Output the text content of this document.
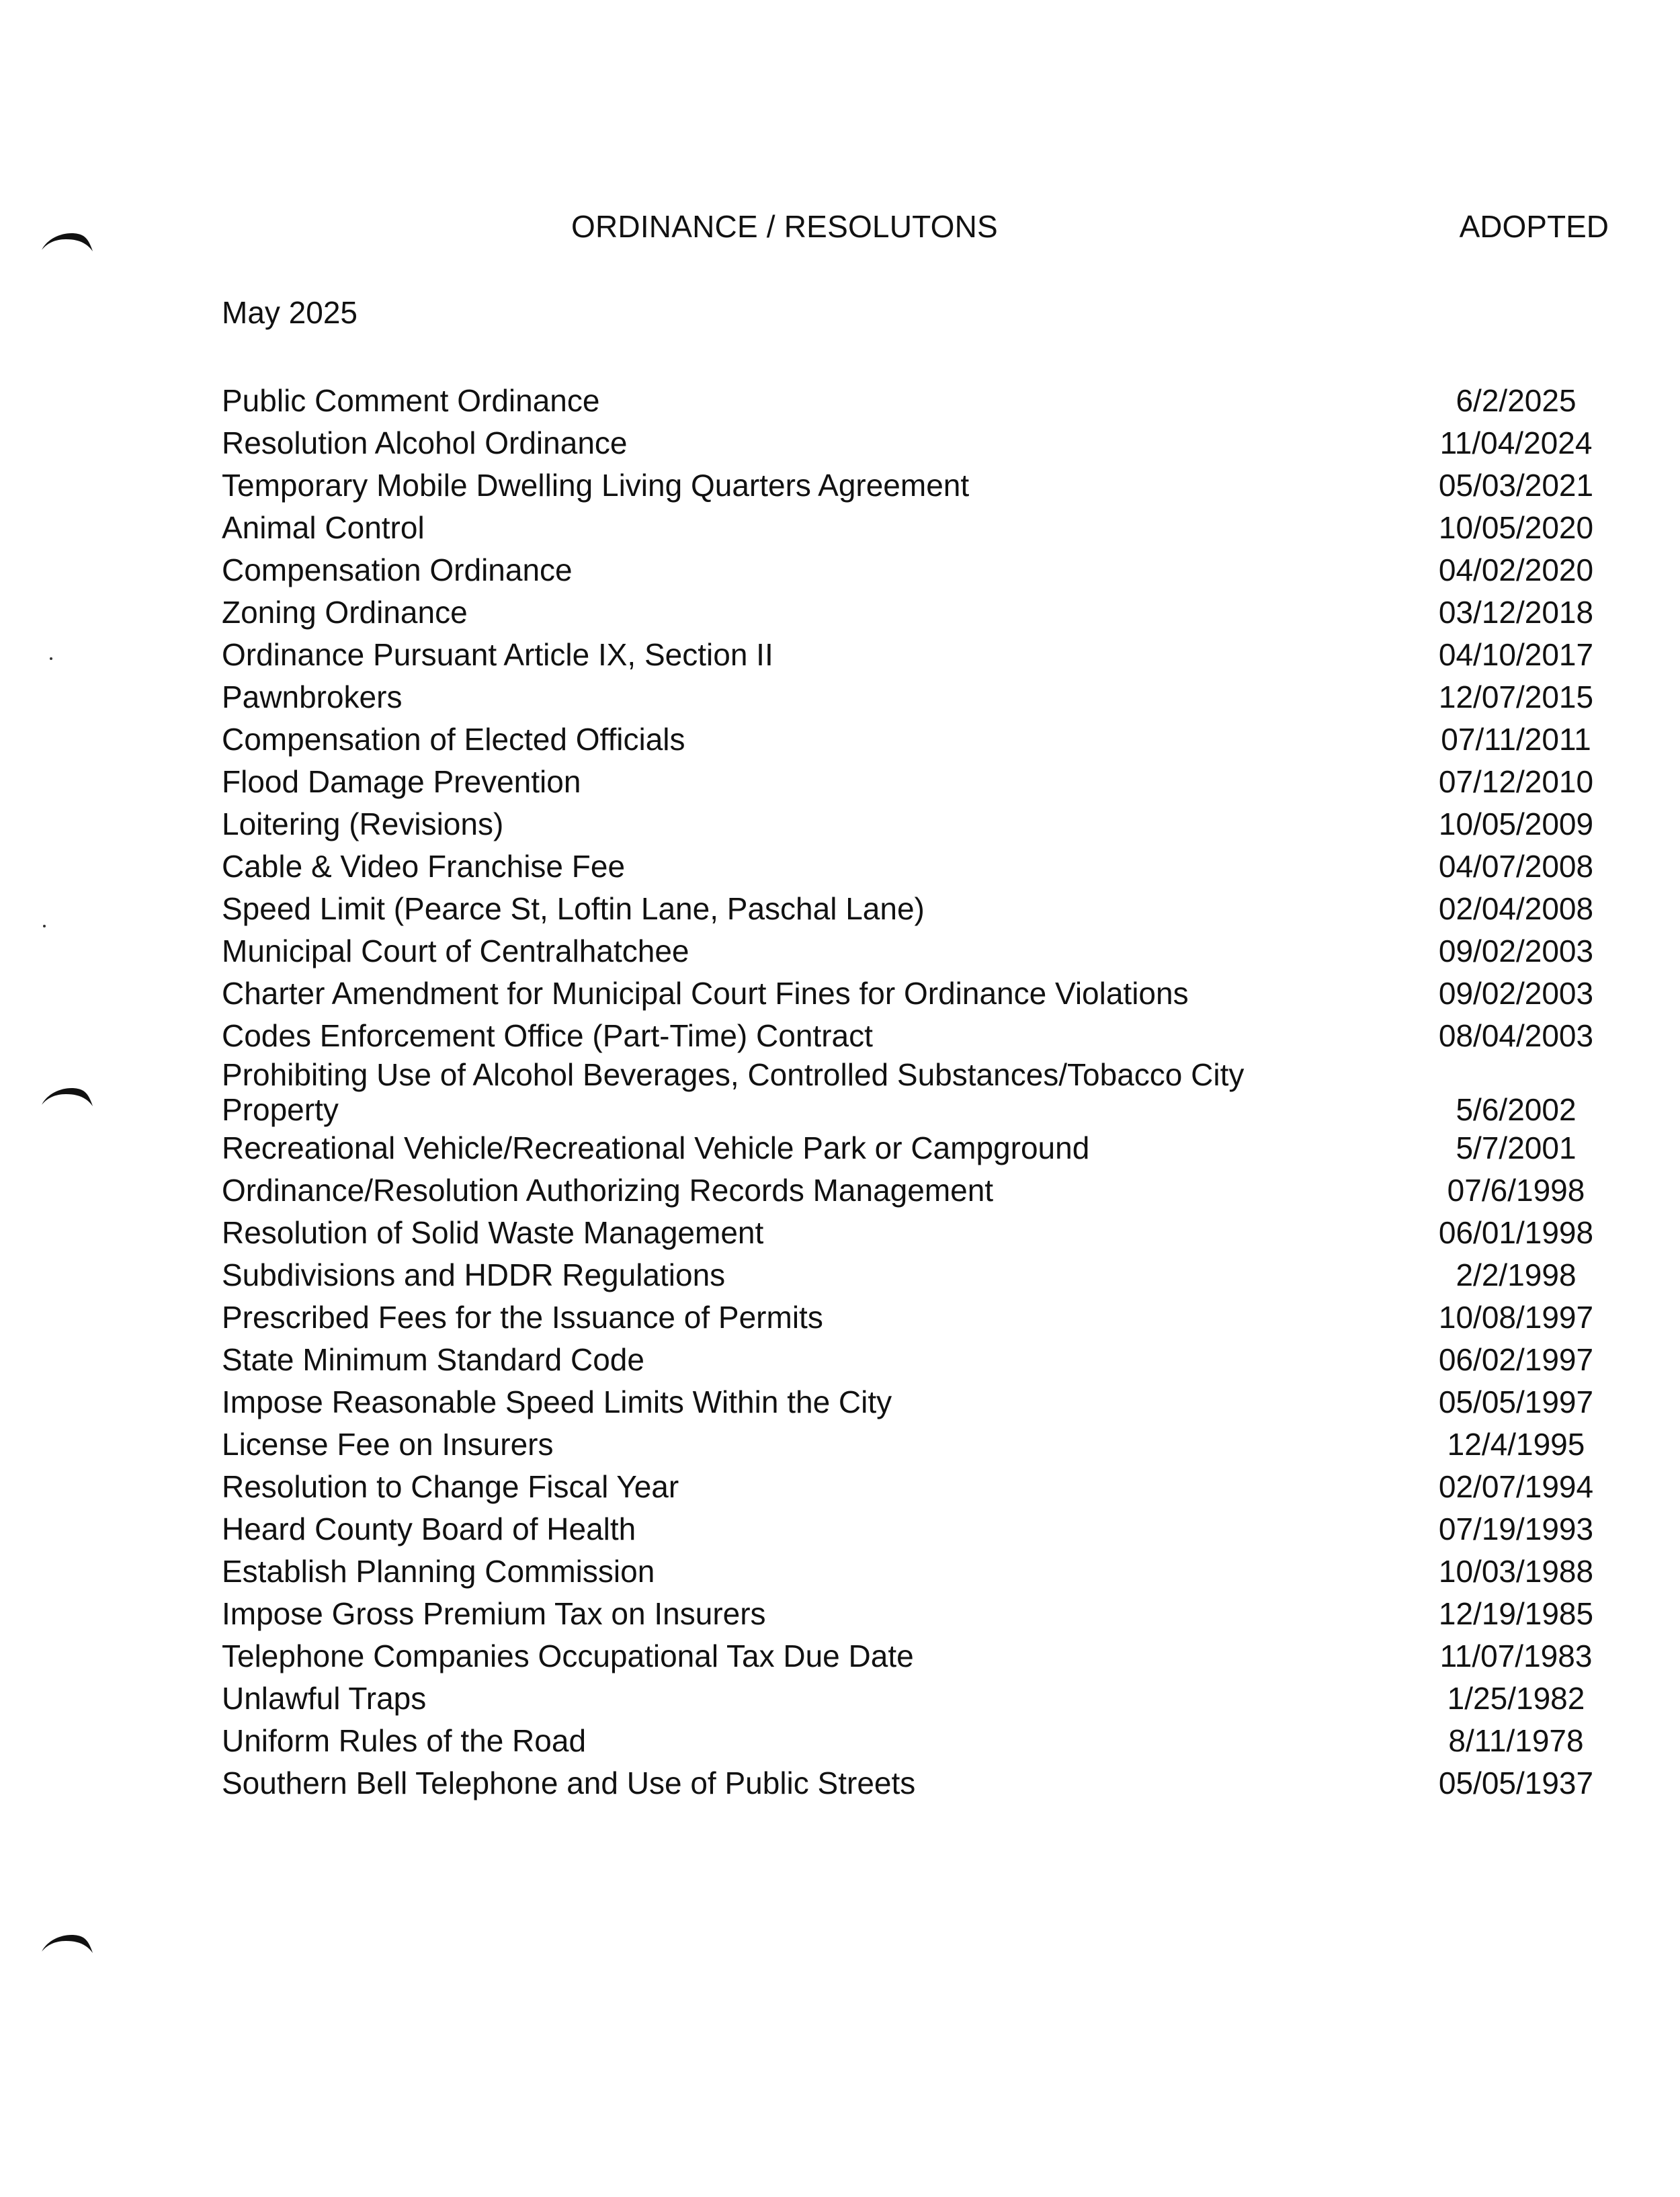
ORDINANCE / RESOLUTONS	ADOPTED
May 2025
Public Comment Ordinance	6/2/2025
Resolution Alcohol Ordinance	11/04/2024
Temporary Mobile Dwelling Living Quarters Agreement	05/03/2021
Animal Control	10/05/2020
Compensation Ordinance	04/02/2020
Zoning Ordinance	03/12/2018
Ordinance Pursuant Article IX, Section II	04/10/2017
Pawnbrokers	12/07/2015
Compensation of Elected Officials	07/11/2011
Flood Damage Prevention	07/12/2010
Loitering (Revisions)	10/05/2009
Cable & Video Franchise Fee	04/07/2008
Speed Limit (Pearce St, Loftin Lane, Paschal Lane)	02/04/2008
Municipal Court of Centralhatchee	09/02/2003
Charter Amendment for Municipal Court Fines for Ordinance Violations	09/02/2003
Codes Enforcement Office (Part-Time) Contract	08/04/2003
Prohibiting Use of Alcohol Beverages, Controlled Substances/Tobacco City Property	5/6/2002
Recreational Vehicle/Recreational Vehicle Park or Campground	5/7/2001
Ordinance/Resolution Authorizing Records Management	07/6/1998
Resolution of Solid Waste Management	06/01/1998
Subdivisions and HDDR Regulations	2/2/1998
Prescribed Fees for the Issuance of Permits	10/08/1997
State Minimum Standard Code	06/02/1997
Impose Reasonable Speed Limits Within the City	05/05/1997
License Fee on Insurers	12/4/1995
Resolution to Change Fiscal Year	02/07/1994
Heard County Board of Health	07/19/1993
Establish Planning Commission	10/03/1988
Impose Gross Premium Tax on Insurers	12/19/1985
Telephone Companies Occupational Tax Due Date	11/07/1983
Unlawful Traps	1/25/1982
Uniform Rules of the Road	8/11/1978
Southern Bell Telephone and Use of Public Streets	05/05/1937
